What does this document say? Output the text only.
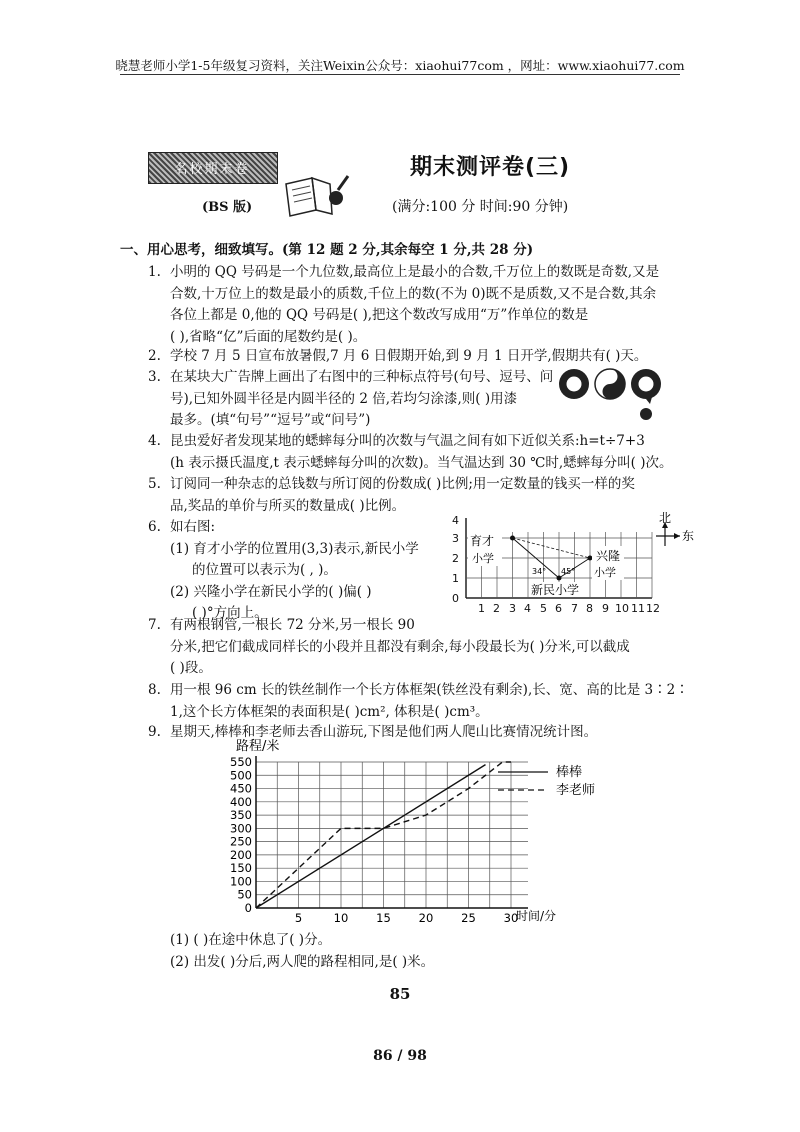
晓慧老师小学1-5年级复习资料，关注Weixin公众号：xiaohui77com ，网址：www.xiaohui77.com
名校期末卷	期末测评卷(三)
(BS 版)	(满分:100 分 时间:90 分钟)
一、用心思考，细致填写。(第 12 题 2 分,其余每空 1 分,共 28 分)
1. 小明的 QQ 号码是一个九位数,最高位上是最小的合数,千万位上的数既是奇数,又是
合数,十万位上的数是最小的质数,千位上的数(不为 0)既不是质数,又不是合数,其余
各位上都是 0,他的 QQ 号码是( ),把这个数改写成用“万”作单位的数是
( ),省略“亿”后面的尾数约是( )。
2. 学校 7 月 5 日宣布放暑假,7 月 6 日假期开始,到 9 月 1 日开学,假期共有( )天。
3. 在某块大广告牌上画出了右图中的三种标点符号(句号、逗号、问
号),已知外圆半径是内圆半径的 2 倍,若均匀涂漆,则( )用漆
最多。(填“句号”“逗号”或“问号”)
4. 昆虫爱好者发现某地的蟋蟀每分叫的次数与气温之间有如下近似关系:h=t÷7+3
(h 表示摄氏温度,t 表示蟋蟀每分叫的次数)。当气温达到 30 ℃时,蟋蟀每分叫( )次。
5. 订阅同一种杂志的总钱数与所订阅的份数成( )比例;用一定数量的钱买一样的奖
品,奖品的单价与所买的数量成( )比例。
6. 如右图:
(1) 育才小学的位置用(3,3)表示,新民小学
的位置可以表示为( , )。
(2) 兴隆小学在新民小学的( )偏( )
( )°方向上。
0
1
2
3
4
1 2 3 4 5 6 7 8 9 10 11 12
育才
小学
34° 45°
新民小学
兴隆
小学
北
东
7. 有两根钢管,一根长 72 分米,另一根长 90
分米,把它们截成同样长的小段并且都没有剩余,每小段最长为( )分米,可以截成
( )段。
8. 用一根 96 cm 长的铁丝制作一个长方体框架(铁丝没有剩余),长、宽、高的比是 3∶2∶
1,这个长方体框架的表面积是( )cm², 体积是( )cm³。
9. 星期天,棒棒和李老师去香山游玩,下图是他们两人爬山比赛情况统计图。
路程/米
时间/分
50
100
150
200
250
300
350
400
450
500
550
0
5	10 15 20 25 30
棒棒
李老师
(1) ( )在途中休息了( )分。
(2) 出发( )分后,两人爬的路程相同,是( )米。
85
86 / 98
